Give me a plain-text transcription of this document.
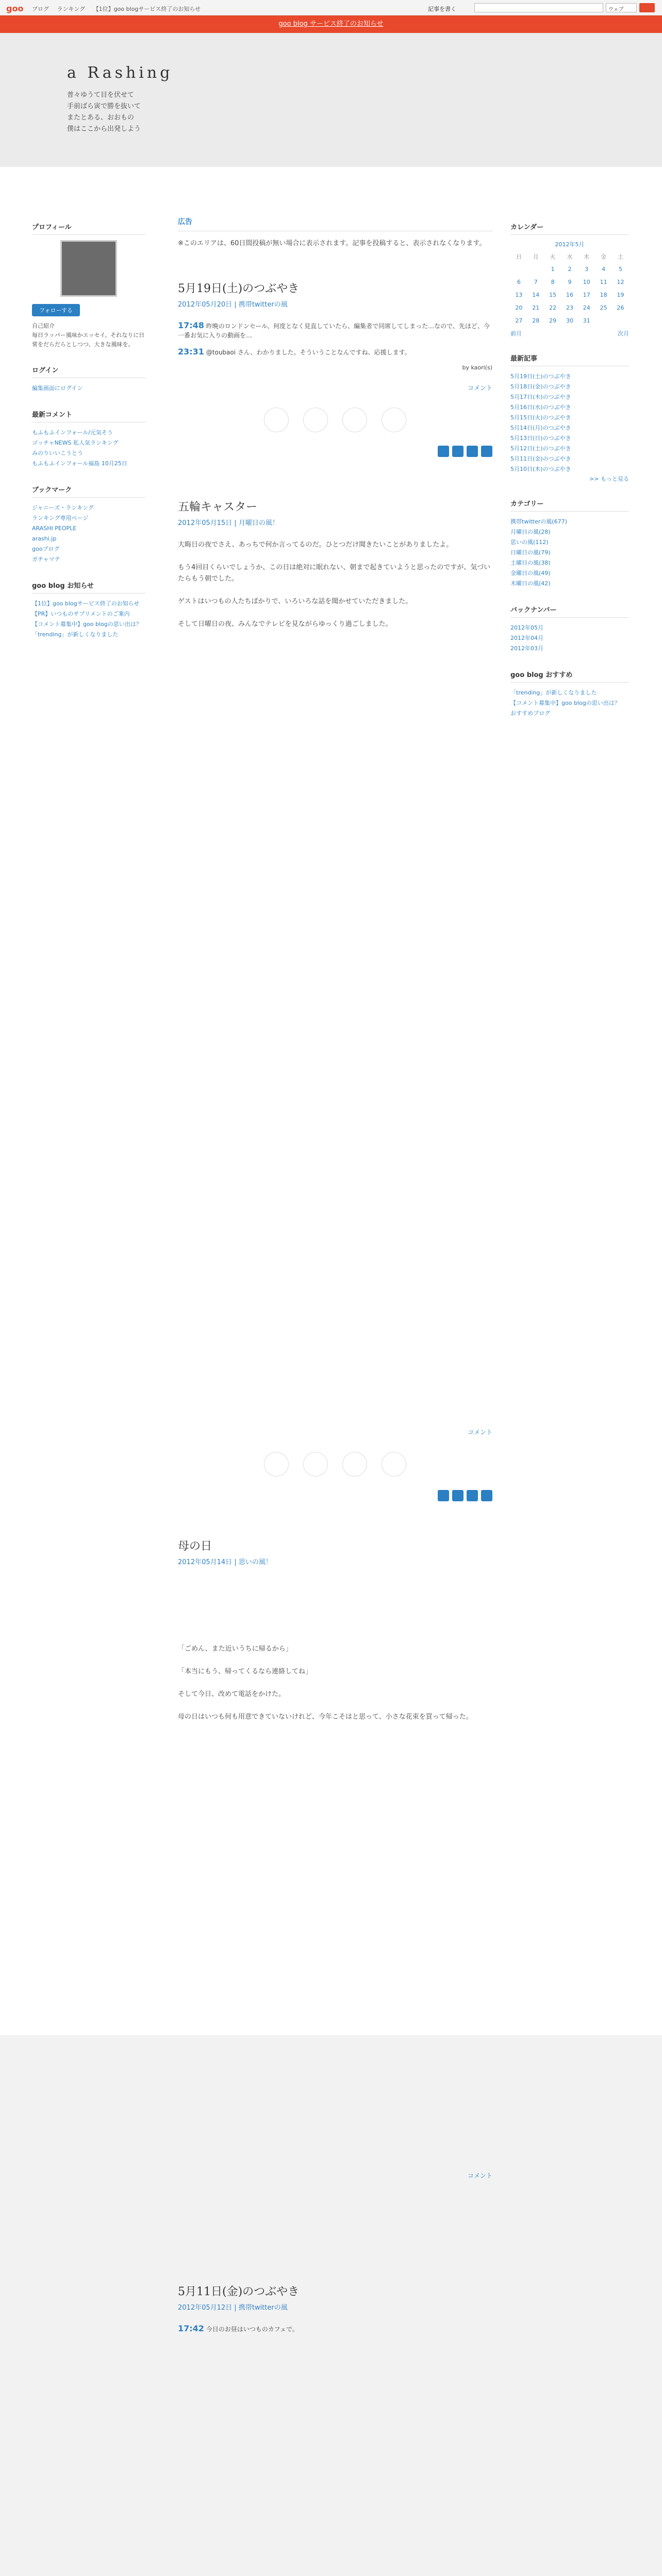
goo ブログ ランキング 【1位】goo blogサービス終了のお知らせ	記事を書く	ウェブ
goo blog サービス終了のお知らせ
a Rashing
普々ゆうて目を伏せて
手前ばら寅で勝を抜いて
またとある、おおもの
僕はここから出発しよう
プロフィール
フォローする

自己紹介
毎日ラッパー風味かエッセイ。それなりに日常をだらだらとしつつ、大きな風味を。

ログイン
編集画面にログイン
最新コメント
もふもふインフォール/元気そう
ゴッチャNEWS 私人気ランキング
みのりいいこうとう
もふもふインフォール福島 10月25日
ブックマーク
ジャニーズ・ランキング
ランキング専用ページ
ARASHI PEOPLE
arashi.jp
gooブログ
ガチャマテ
goo blog お知らせ
【1位】goo blogサービス終了のお知らせ
【PR】いつものサプリメントのご案内
【コメント募集中】goo blogの思い出は？
「trending」が新しくなりました
広告
※このエリアは、60日間投稿が無い場合に表示されます。記事を投稿すると、表示されなくなります。
5月19日(土)のつぶやき
2012年05月20日 | 携帯twitterの風
17:48 昨晩のロンドンセール、何度となく見直していたら、編集者で同席してしまった…なので、先ほど、今一番お気に入りの動画を…
23:31 @toubaoi さん、わかりました。そういうことなんですね、応援します。
by kaori(s)
コメント
五輪キャスター
2012年05月15日 | 月曜日の風！
大晦日の夜でさえ、あっちで何か言ってるのだ。ひとつだけ聞きたいことがありましたよ。

もう4回目くらいでしょうか、この日は絶対に眠れない、朝まで起きていようと思ったのですが、気づいたらもう朝でした。

ゲストはいつもの人たちばかりで、いろいろな話を聞かせていただきました。

そして日曜日の夜、みんなでテレビを見ながらゆっくり過ごしました。
コメント
母の日
2012年05月14日 | 思いの風！
「ごめん、また近いうちに帰るから」

「本当にもう、帰ってくるなら連絡してね」

そして今日、改めて電話をかけた。

母の日はいつも何も用意できていないけれど、今年こそはと思って、小さな花束を買って帰った。
コメント
5月11日(金)のつぶやき
2012年05月12日 | 携帯twitterの風
17:42 今日のお昼はいつものカフェで。
カレンダー
2012年5月
日	月	火	水	木	金	土
		1	2	3	4	5
6	7	8	9	10	11	12
13	14	15	16	17	18	19
20	21	22	23	24	25	26
27	28	29	30	31		
前月	次月
最新記事
5月19日(土)のつぶやき
5月18日(金)のつぶやき
5月17日(木)のつぶやき
5月16日(水)のつぶやき
5月15日(火)のつぶやき
5月14日(月)のつぶやき
5月13日(日)のつぶやき
5月12日(土)のつぶやき
5月11日(金)のつぶやき
5月10日(木)のつぶやき
>> もっと見る
カテゴリー
携帯twitterの風(677)
月曜日の風(28)
思いの風(112)
日曜日の風(79)
土曜日の風(38)
金曜日の風(49)
木曜日の風(42)
バックナンバー
2012年05月
2012年04月
2012年03月
goo blog おすすめ
「trending」が新しくなりました
【コメント募集中】goo blogの思い出は？
おすすめブログ
